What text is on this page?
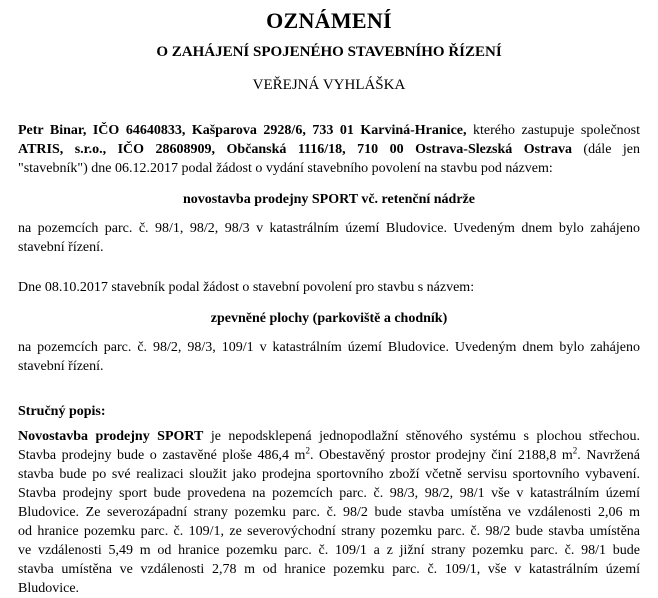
OZNÁMENÍ
O ZAHÁJENÍ SPOJENÉHO STAVEBNÍHO ŘÍZENÍ
VEŘEJNÁ VYHLÁŠKA
Petr Binar, IČO 64640833, Kašparova 2928/6, 733 01 Karviná-Hranice, kterého zastupuje společnost
ATRIS, s.r.o., IČO 28608909, Občanská 1116/18, 710 00 Ostrava-Slezská Ostrava (dále jen
"stavebník") dne 06.12.2017 podal žádost o vydání stavebního povolení na stavbu pod názvem:
novostavba prodejny SPORT vč. retenční nádrže
na pozemcích parc. č. 98/1, 98/2, 98/3 v katastrálním území Bludovice. Uvedeným dnem bylo zahájeno
stavební řízení.
Dne 08.10.2017 stavebník podal žádost o stavební povolení pro stavbu s názvem:
zpevněné plochy (parkoviště a chodník)
na pozemcích parc. č. 98/2, 98/3, 109/1 v katastrálním území Bludovice. Uvedeným dnem bylo zahájeno
stavební řízení.
Stručný popis:
Novostavba prodejny SPORT je nepodsklepená jednopodlažní stěnového systému s plochou střechou.
Stavba prodejny bude o zastavěné ploše 486,4 $m^2$. Obestavěný prostor prodejny činí 2188,8 $m^2$. Navržená
stavba bude po své realizaci sloužit jako prodejna sportovního zboží včetně servisu sportovního vybavení.
Stavba prodejny sport bude provedena na pozemcích parc. č. 98/3, 98/2, 98/1 vše v katastrálním území
Bludovice. Ze severozápadní strany pozemku parc. č. 98/2 bude stavba umístěna ve vzdálenosti 2,06 m
od hranice pozemku parc. č. 109/1, ze severovýchodní strany pozemku parc. č. 98/2 bude stavba umístěna
ve vzdálenosti 5,49 m od hranice pozemku parc. č. 109/1 a z jižní strany pozemku parc. č. 98/1 bude
stavba umístěna ve vzdálenosti 2,78 m od hranice pozemku parc. č. 109/1, vše v katastrálním území
Bludovice.
